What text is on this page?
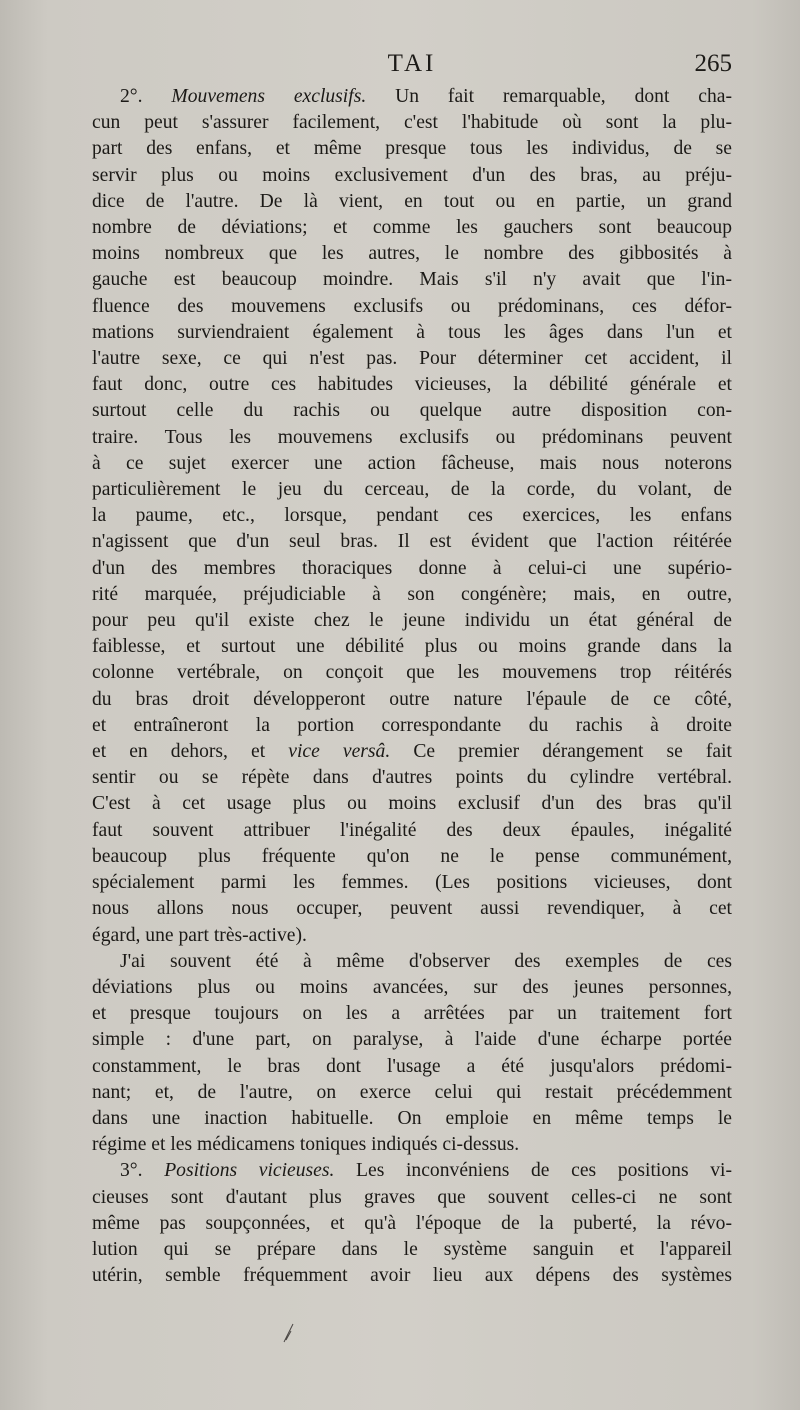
TAI	265
2°. Mouvemens exclusifs. Un fait remarquable, dont cha-
cun peut s'assurer facilement, c'est l'habitude où sont la plu-
part des enfans, et même presque tous les individus, de se
servir plus ou moins exclusivement d'un des bras, au préju-
dice de l'autre. De là vient, en tout ou en partie, un grand
nombre de déviations; et comme les gauchers sont beaucoup
moins nombreux que les autres, le nombre des gibbosités à
gauche est beaucoup moindre. Mais s'il n'y avait que l'in-
fluence des mouvemens exclusifs ou prédominans, ces défor-
mations surviendraient également à tous les âges dans l'un et
l'autre sexe, ce qui n'est pas. Pour déterminer cet accident, il
faut donc, outre ces habitudes vicieuses, la débilité générale et
surtout celle du rachis ou quelque autre disposition con-
traire. Tous les mouvemens exclusifs ou prédominans peuvent
à ce sujet exercer une action fâcheuse, mais nous noterons
particulièrement le jeu du cerceau, de la corde, du volant, de
la paume, etc., lorsque, pendant ces exercices, les enfans
n'agissent que d'un seul bras. Il est évident que l'action réitérée
d'un des membres thoraciques donne à celui-ci une supério-
rité marquée, préjudiciable à son congénère; mais, en outre,
pour peu qu'il existe chez le jeune individu un état général de
faiblesse, et surtout une débilité plus ou moins grande dans la
colonne vertébrale, on conçoit que les mouvemens trop réitérés
du bras droit développeront outre nature l'épaule de ce côté,
et entraîneront la portion correspondante du rachis à droite
et en dehors, et vice versâ. Ce premier dérangement se fait
sentir ou se répète dans d'autres points du cylindre vertébral.
C'est à cet usage plus ou moins exclusif d'un des bras qu'il
faut souvent attribuer l'inégalité des deux épaules, inégalité
beaucoup plus fréquente qu'on ne le pense communément,
spécialement parmi les femmes. (Les positions vicieuses, dont
nous allons nous occuper, peuvent aussi revendiquer, à cet
égard, une part très-active).
J'ai souvent été à même d'observer des exemples de ces
déviations plus ou moins avancées, sur des jeunes personnes,
et presque toujours on les a arrêtées par un traitement fort
simple : d'une part, on paralyse, à l'aide d'une écharpe portée
constamment, le bras dont l'usage a été jusqu'alors prédomi-
nant; et, de l'autre, on exerce celui qui restait précédemment
dans une inaction habituelle. On emploie en même temps le
régime et les médicamens toniques indiqués ci-dessus.
3°. Positions vicieuses. Les inconvéniens de ces positions vi-
cieuses sont d'autant plus graves que souvent celles-ci ne sont
même pas soupçonnées, et qu'à l'époque de la puberté, la révo-
lution qui se prépare dans le système sanguin et l'appareil
utérin, semble fréquemment avoir lieu aux dépens des systèmes
